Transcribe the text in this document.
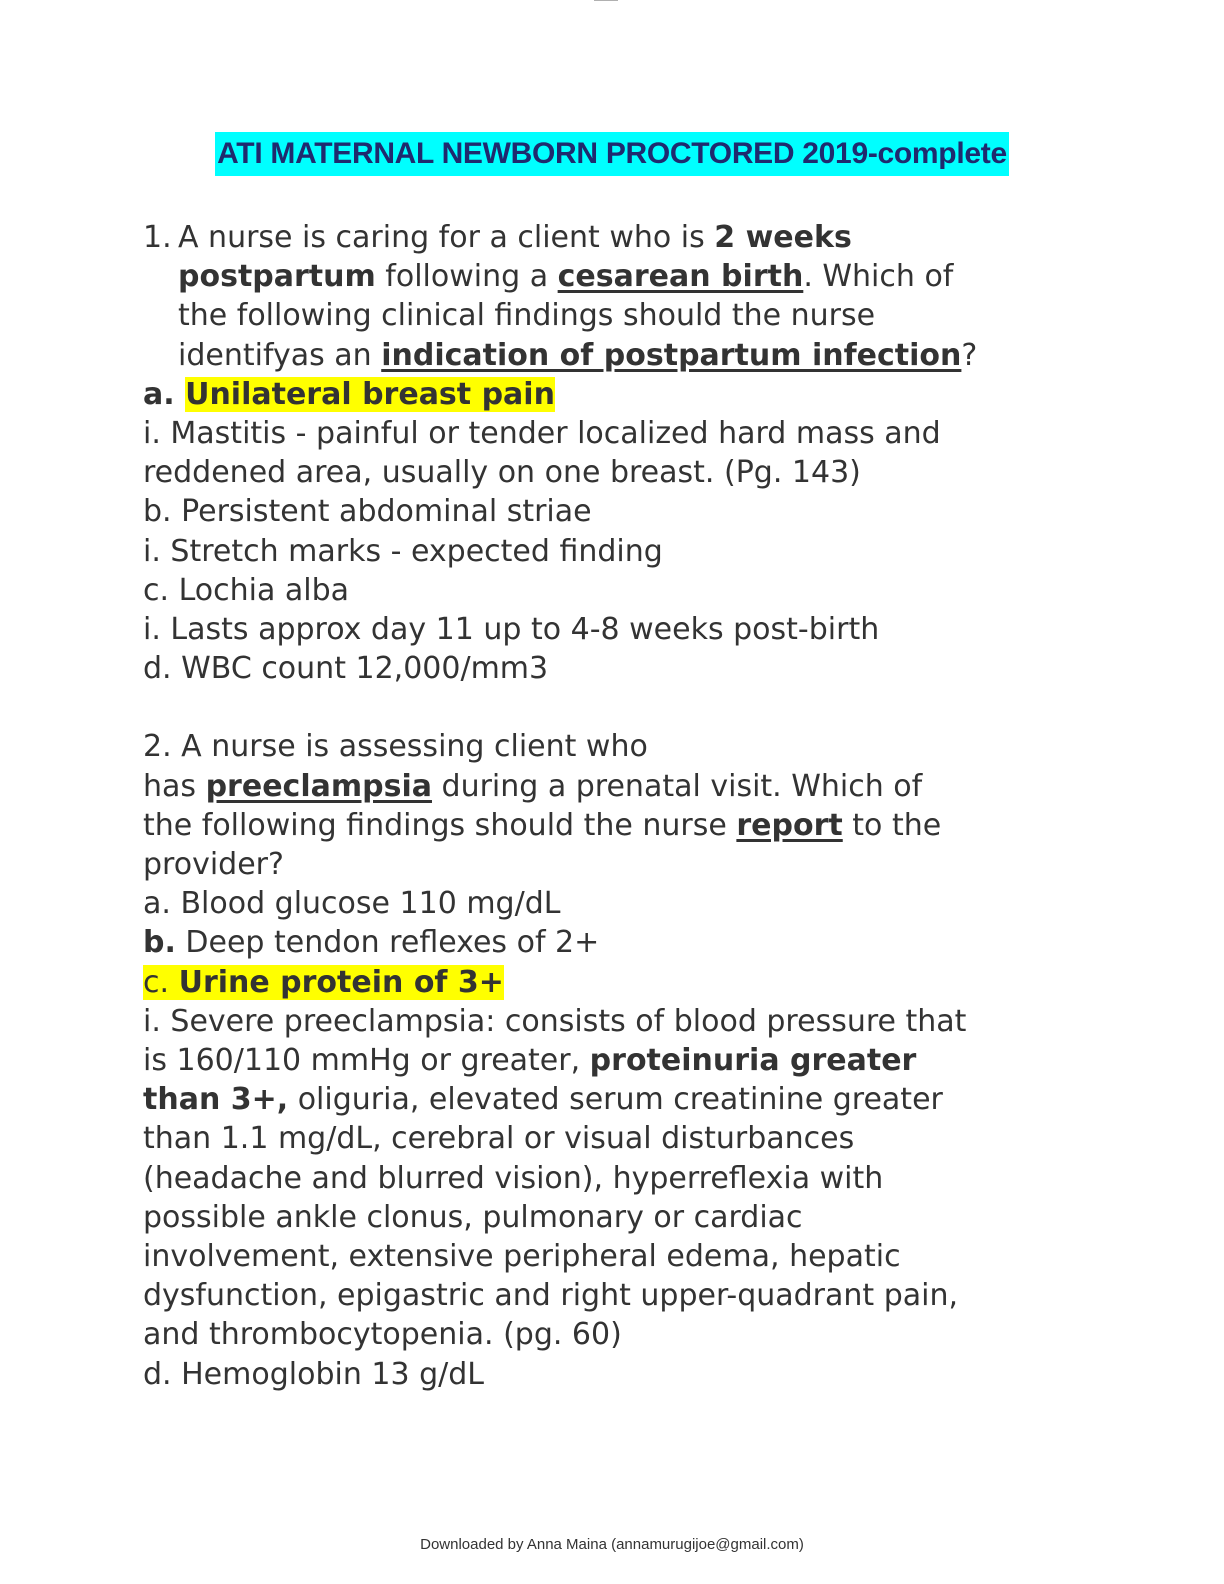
ATI MATERNAL NEWBORN PROCTORED 2019-complete
1. A nurse is caring for a client who is 2 weeks
postpartum following a cesarean birth. Which of
the following clinical findings should the nurse
identifyas an indication of postpartum infection?
a. Unilateral breast pain
i. Mastitis - painful or tender localized hard mass and
reddened area, usually on one breast. (Pg. 143)
b. Persistent abdominal striae
i. Stretch marks - expected finding
c. Lochia alba
i. Lasts approx day 11 up to 4-8 weeks post-birth
d. WBC count 12,000/mm3
2. A nurse is assessing client who
has preeclampsia during a prenatal visit. Which of
the following findings should the nurse report to the
provider?
a. Blood glucose 110 mg/dL
b. Deep tendon reflexes of 2+
c. Urine protein of 3+
i. Severe preeclampsia: consists of blood pressure that
is 160/110 mmHg or greater, proteinuria greater
than 3+, oliguria, elevated serum creatinine greater
than 1.1 mg/dL, cerebral or visual disturbances
(headache and blurred vision), hyperreflexia with
possible ankle clonus, pulmonary or cardiac
involvement, extensive peripheral edema, hepatic
dysfunction, epigastric and right upper-quadrant pain,
and thrombocytopenia. (pg. 60)
d. Hemoglobin 13 g/dL
Downloaded by Anna Maina (annamurugijoe@gmail.com)
